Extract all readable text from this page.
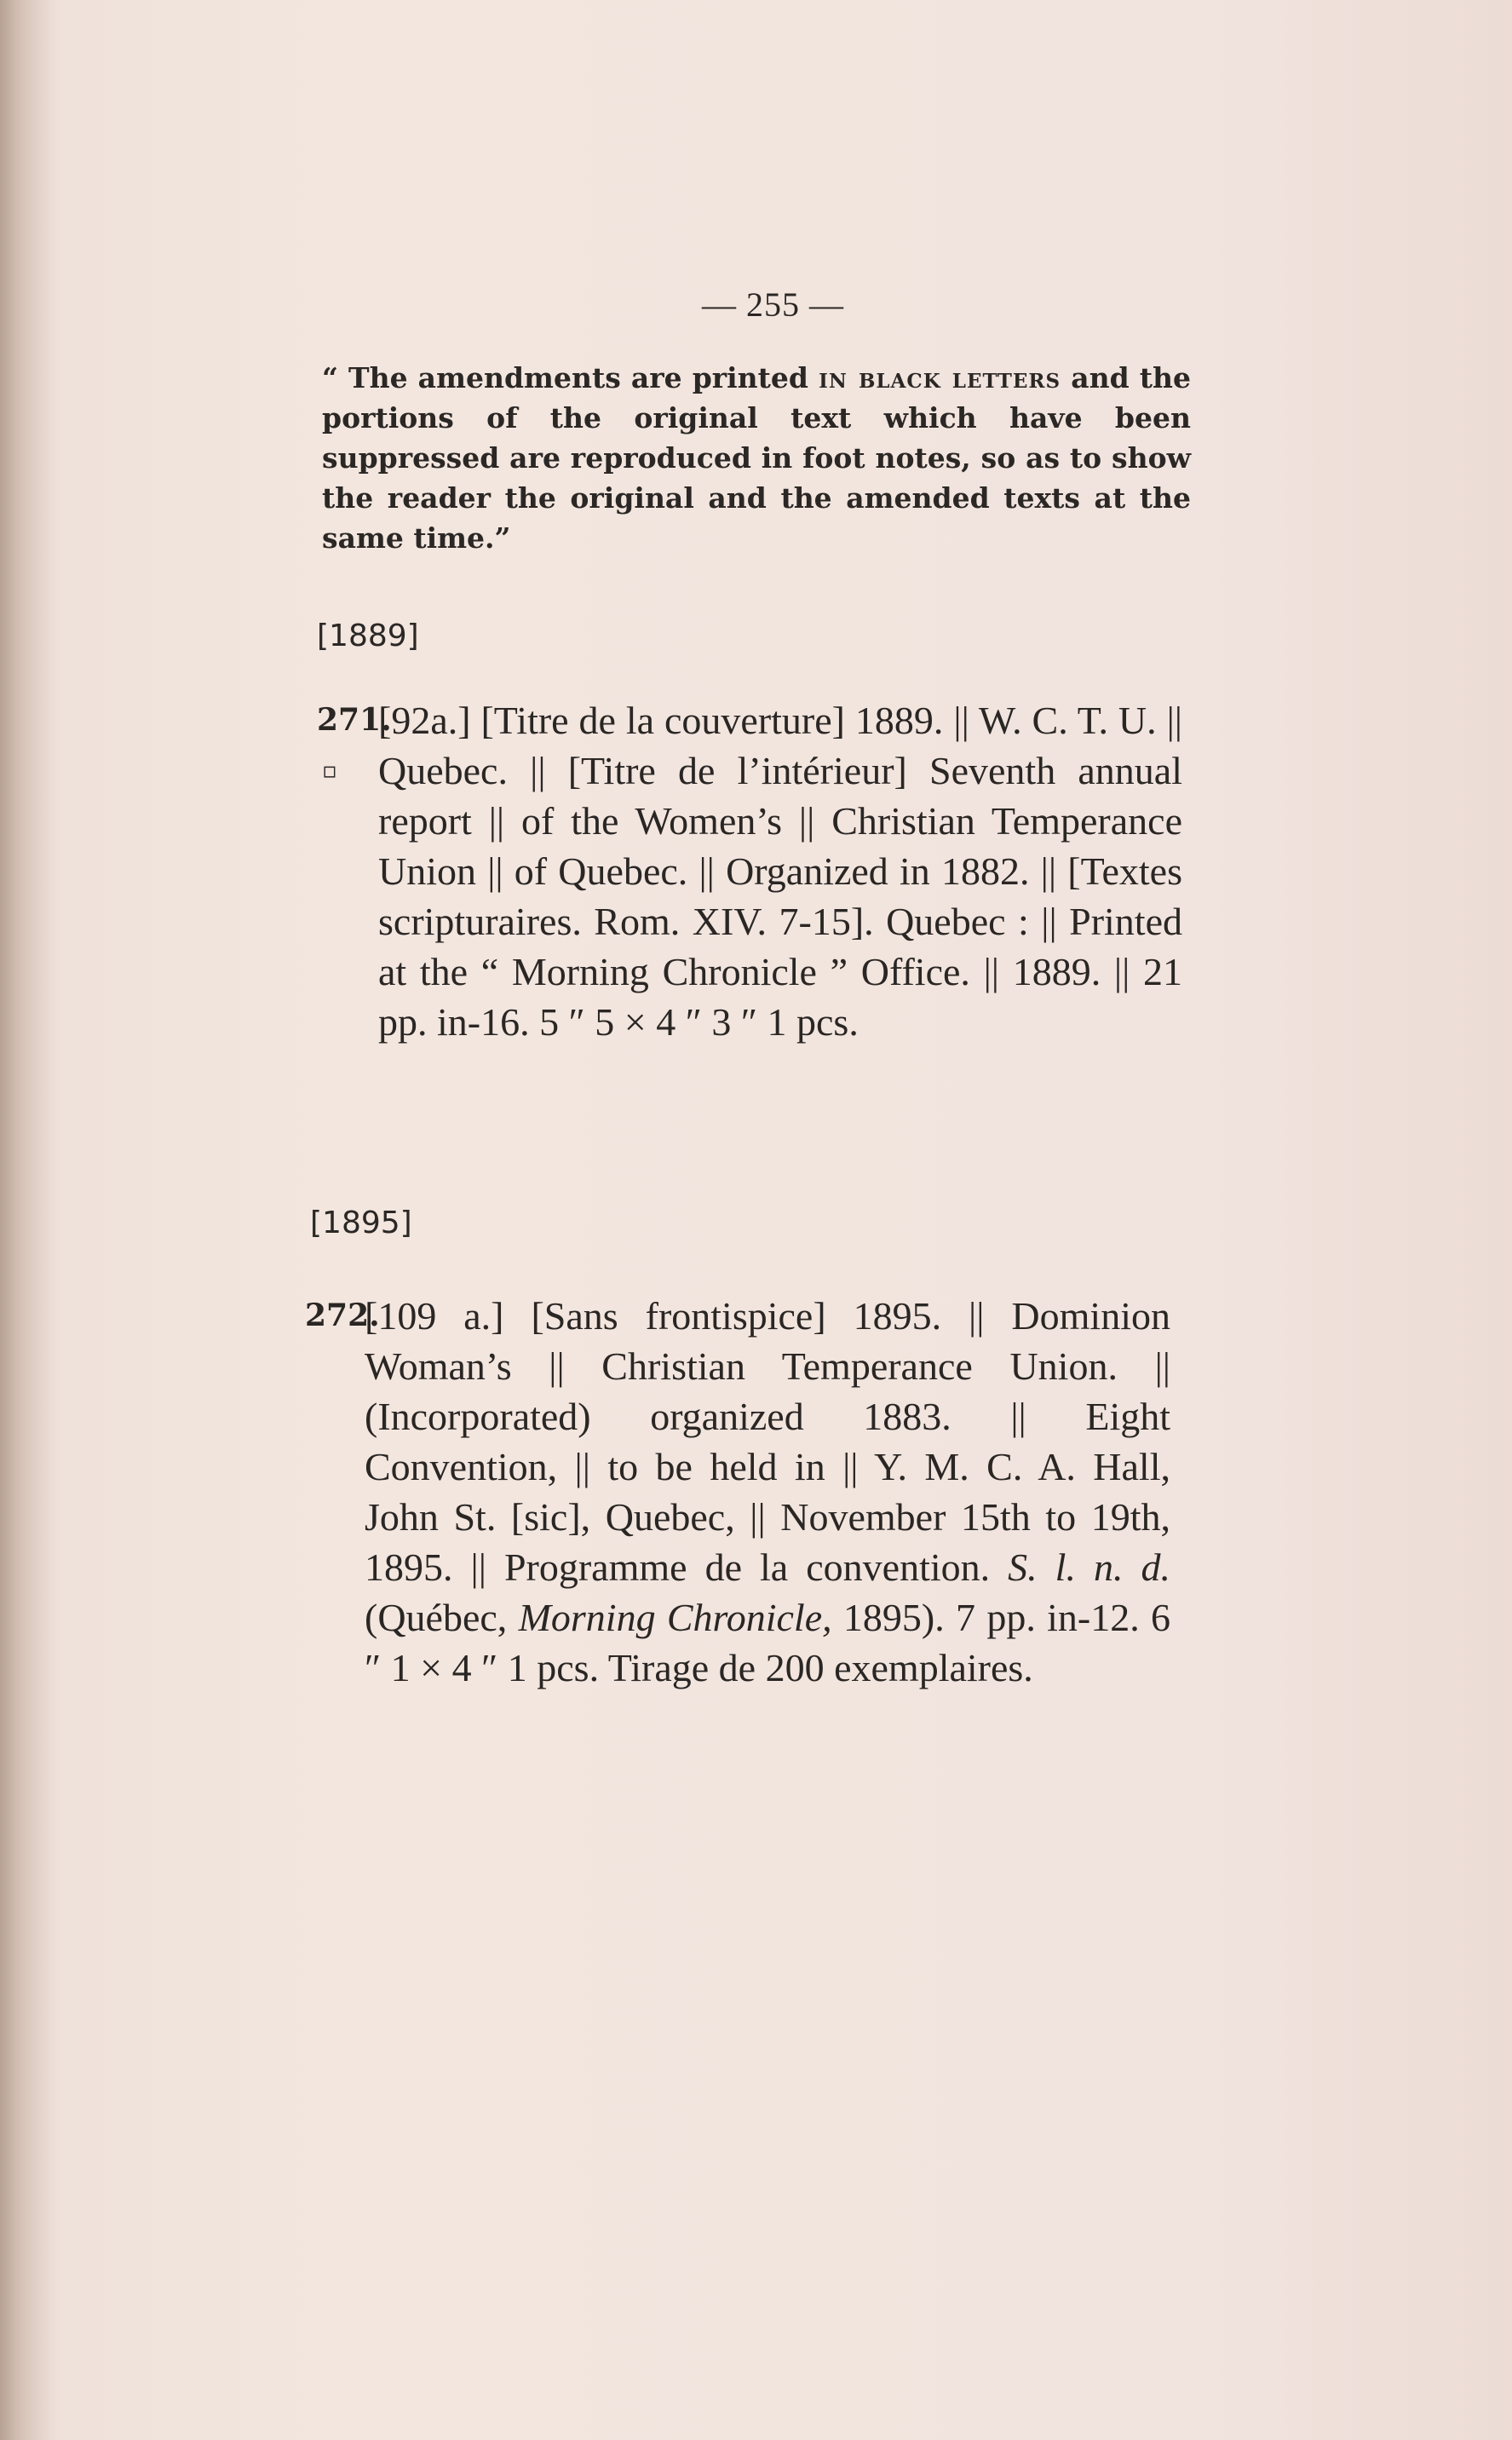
— 255 —
“ The amendments are printed in black letters and the portions of the original text which have been suppressed are reproduced in foot notes, so as to show the reader the original and the amended texts at the same time.”
[1889]
271.
▫
[92a.] [Titre de la couverture] 1889. || W. C. T. U. || Quebec. || [Titre de l’intérieur] Seventh annual report || of the Women’s || Christian Temperance Union || of Quebec. || Organized in 1882. || [Textes scripturaires. Rom. XIV. 7-15]. Quebec : || Printed at the “ Morning Chronicle ” Office. || 1889. || 21 pp. in-16. 5 ″ 5 × 4 ″ 3 ″ 1 pcs.
[1895]
272.
[109 a.] [Sans frontispice] 1895. || Dominion Woman’s || Christian Temperance Union. || (Incorporated) organized 1883. || Eight Convention, || to be held in || Y. M. C. A. Hall, John St. [sic], Quebec, || November 15th to 19th, 1895. || Programme de la convention. S. l. n. d. (Québec, Morning Chronicle, 1895). 7 pp. in-12. 6 ″ 1 × 4 ″ 1 pcs. Tirage de 200 exemplaires.
